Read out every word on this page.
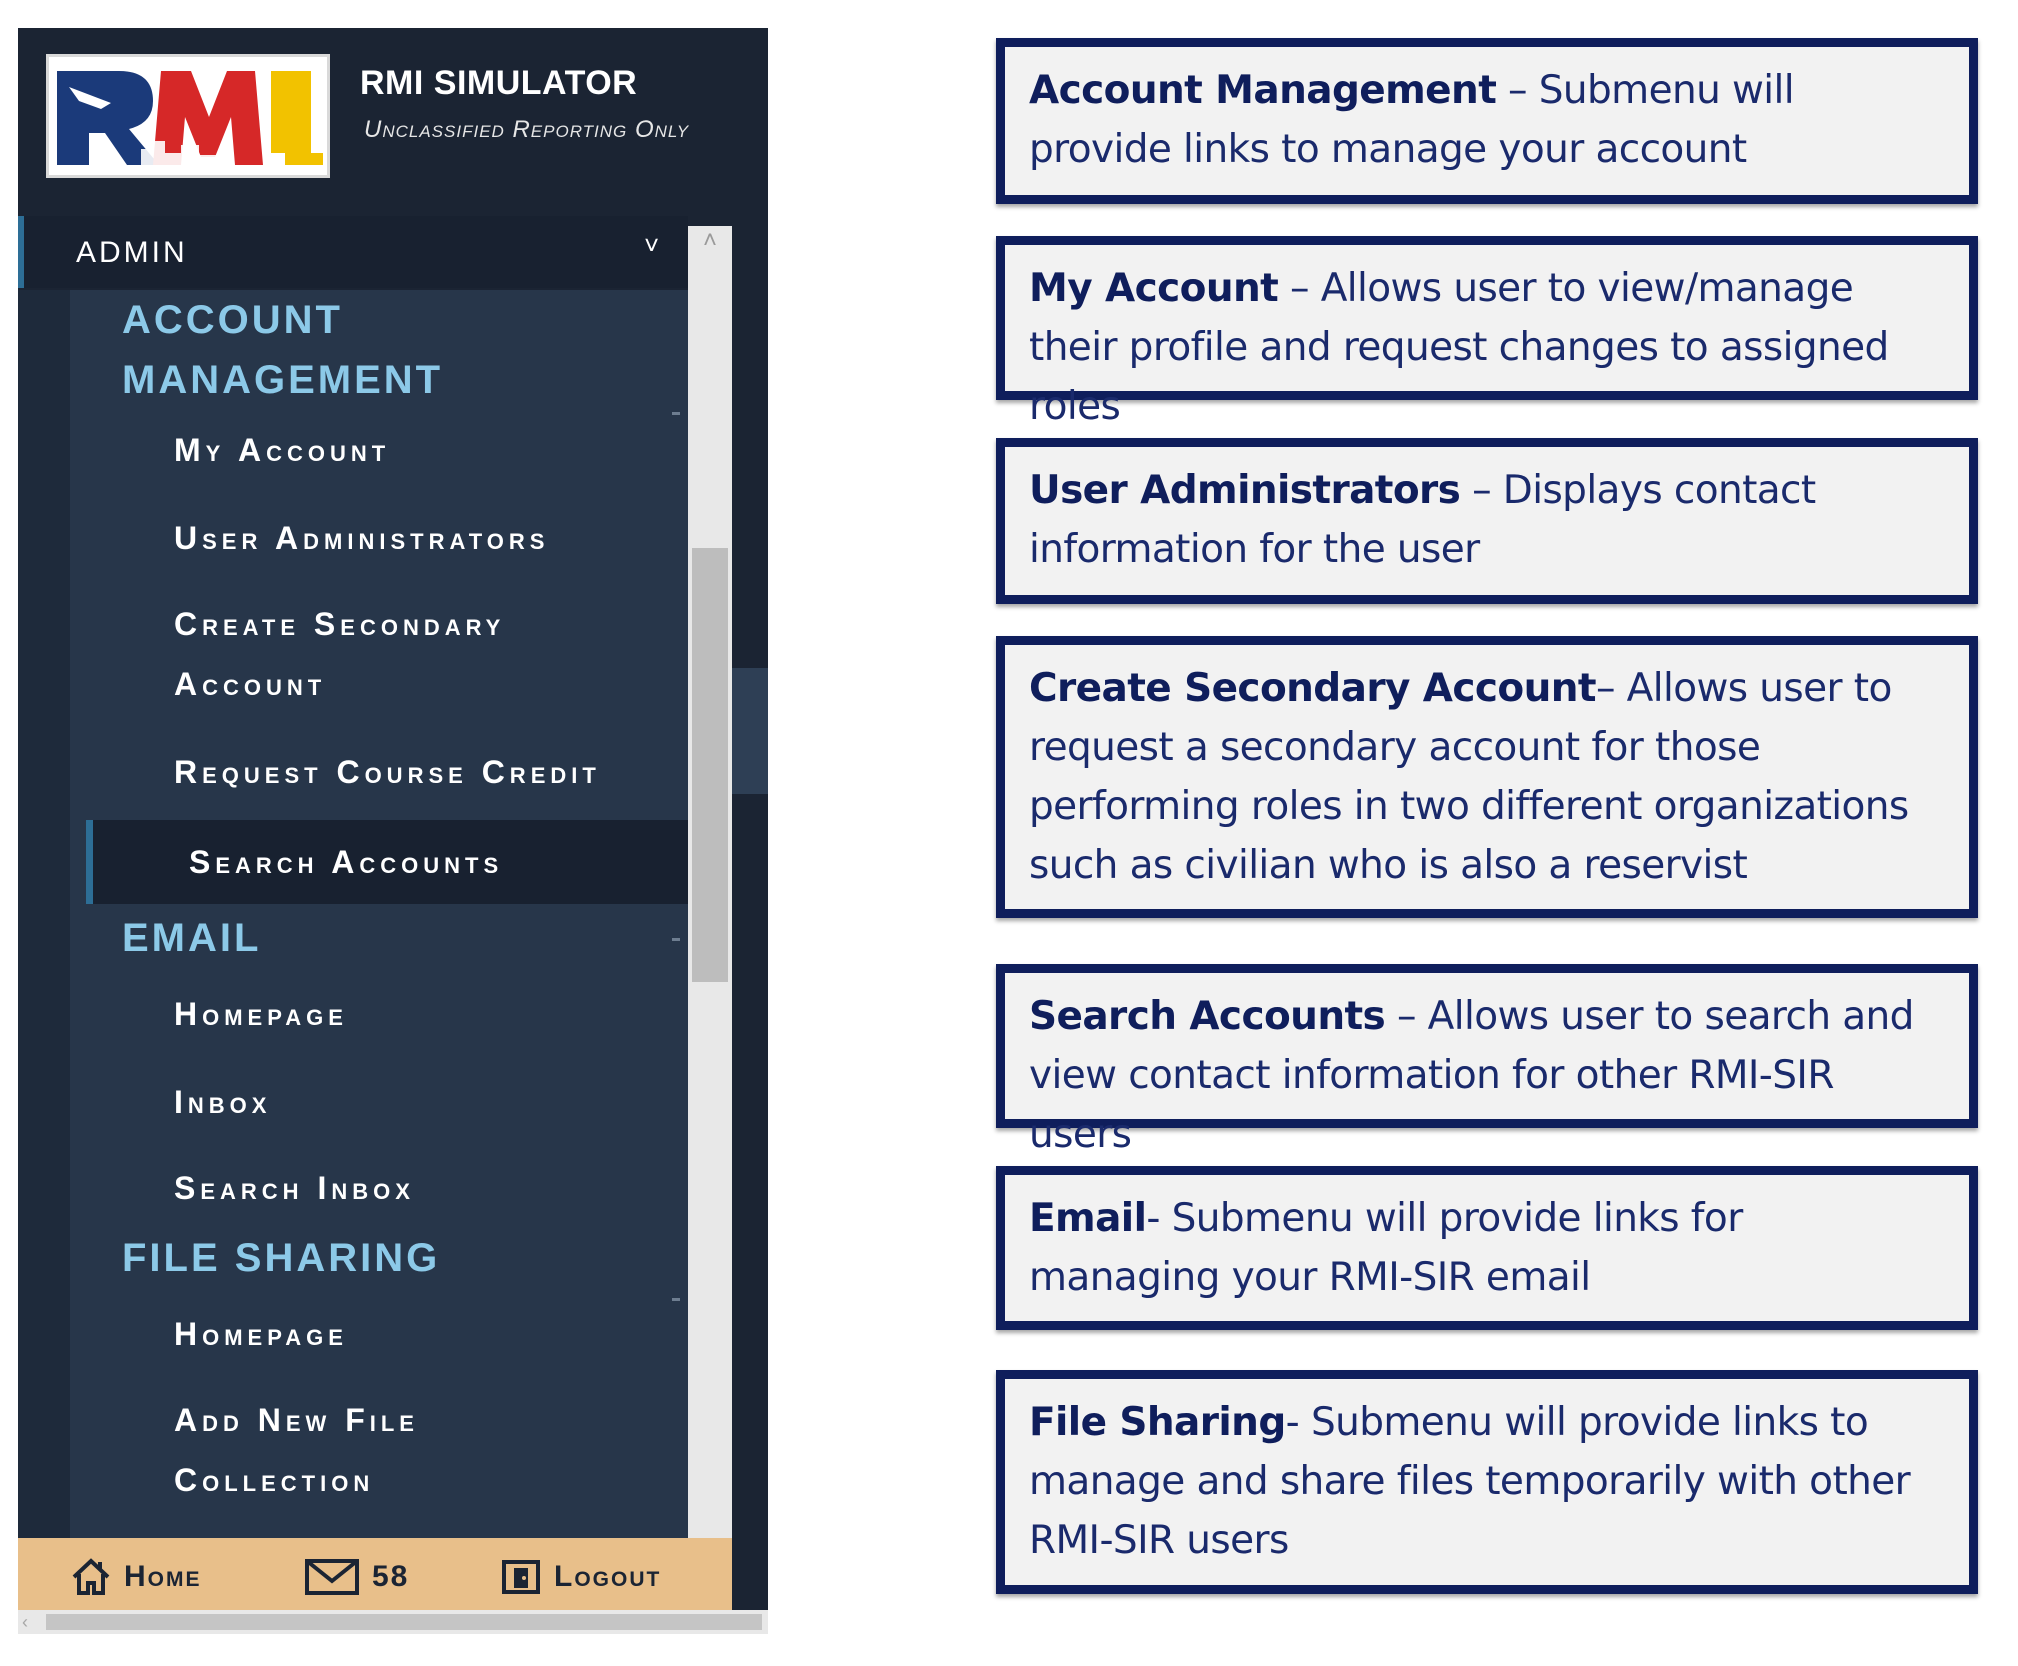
RMI SIMULATOR
Unclassified Reporting Only
ADMIN	˅
ACCOUNT MANAGEMENT
My Account
User Administrators
Create Secondary Account
Request Course Credit
Search Accounts
EMAIL
Homepage
Inbox
Search Inbox
FILE SHARING
Homepage
Add New File Collection
˄
Home	58	Logout
‹
Account Management – Submenu will provide links to manage your account
My Account – Allows user to view/manage their profile and request changes to assigned roles
User Administrators – Displays contact information for the user
Create Secondary Account– Allows user to request a secondary account for those performing roles in two different organizations such as civilian who is also a reservist
Search Accounts – Allows user to search and view contact information for other RMI-SIR users
Email- Submenu will provide links for managing your RMI-SIR email
File Sharing- Submenu will provide links to manage and share files temporarily with other RMI-SIR users
